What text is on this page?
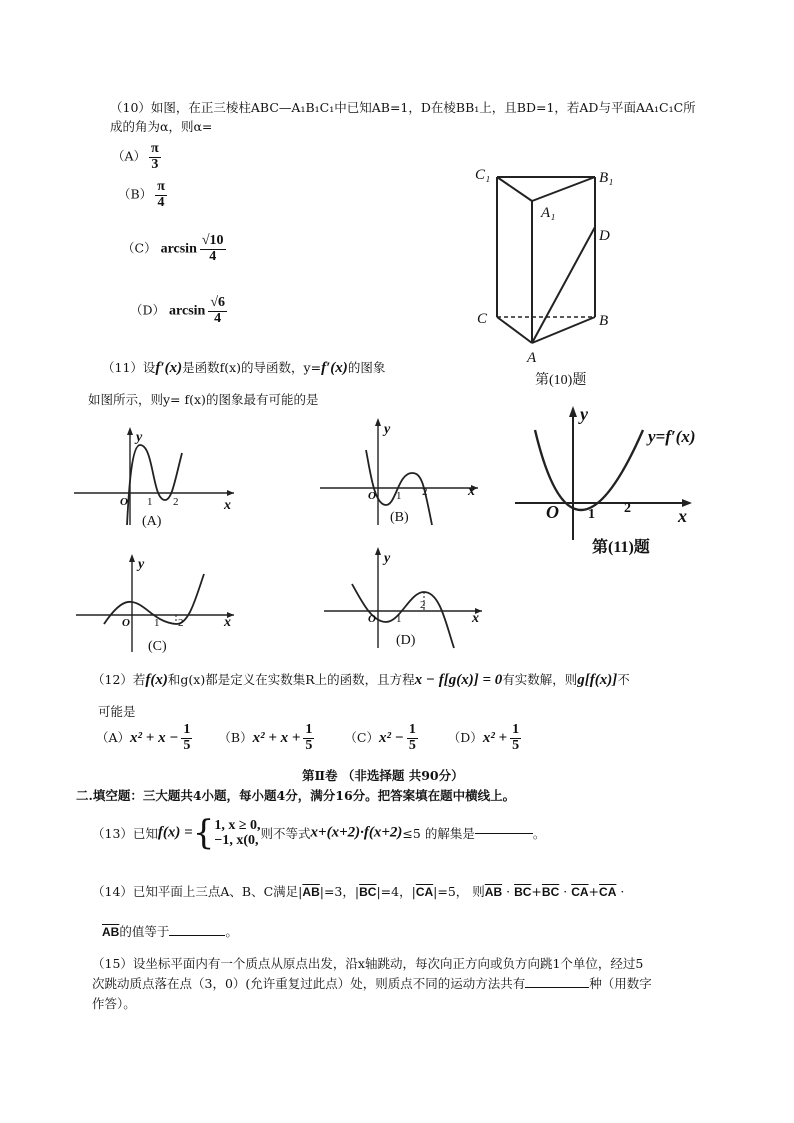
（10）如图，在正三棱柱ABC—A₁B₁C₁中已知AB=1，D在棱BB₁上，且BD=1，若AD与平面AA₁C₁C所
成的角为α，则α=
$(A) \frac{\pi}{3}$
$(B) \frac{\pi}{4}$
（C） $\arcsin \frac{√10}{4}$
（D） $\arcsin \frac{√6}{4}$
C₁	B₁
A₁
D
C	B
A
第(10)题
（11）设f′(x)是函数f(x)的导函数，y=f′(x)的图象
如图所示，则y= f(x)的图象最有可能的是
y
x
O 1 2
(A)
y
x
O 1 2
(B)
y
x
O 1 2
y=f′(x)
第(11)题
y
x
O 1 2
(C)
y
x
O 1
2
(D)
（12）若f(x)和g(x)都是定义在实数集R上的函数，且方程x − f[g(x)] = 0有实数解，则g[f(x)]不
可能是
$(A)x^2 + x - \frac{1}{5} (B)x^2 + x + \frac{1}{5} (C)x^2 - \frac{1}{5} (D)x^2 + \frac{1}{5}$
第Ⅱ卷 （非选择题 共90分）
二.填空题：三大题共4小题，每小题4分，满分16分。把答案填在题中横线上。
（13）已知f(x) ={ 1, x ≥ 0,
−1, x(0, 则不等式x+(x+2)·f(x+2)≤5 的解集是	。
（14）已知平面上三点A、B、C满足$|\overline{AB}|=3$，$|\overline{BC}|=4$，$|\overline{CA}|=5$， 则$\overline{AB} \cdot \overline{BC}+\overline{BC} \cdot \overline{CA}+\overline{CA}$ ·
$\overline{AB}$的值等于	。
（15）设坐标平面内有一个质点从原点出发，沿x轴跳动，每次向正方向或负方向跳1个单位，经过5
次跳动质点落在点（3，0）(允许重复过此点）处，则质点不同的运动方法共有	种（用数字
作答）。
